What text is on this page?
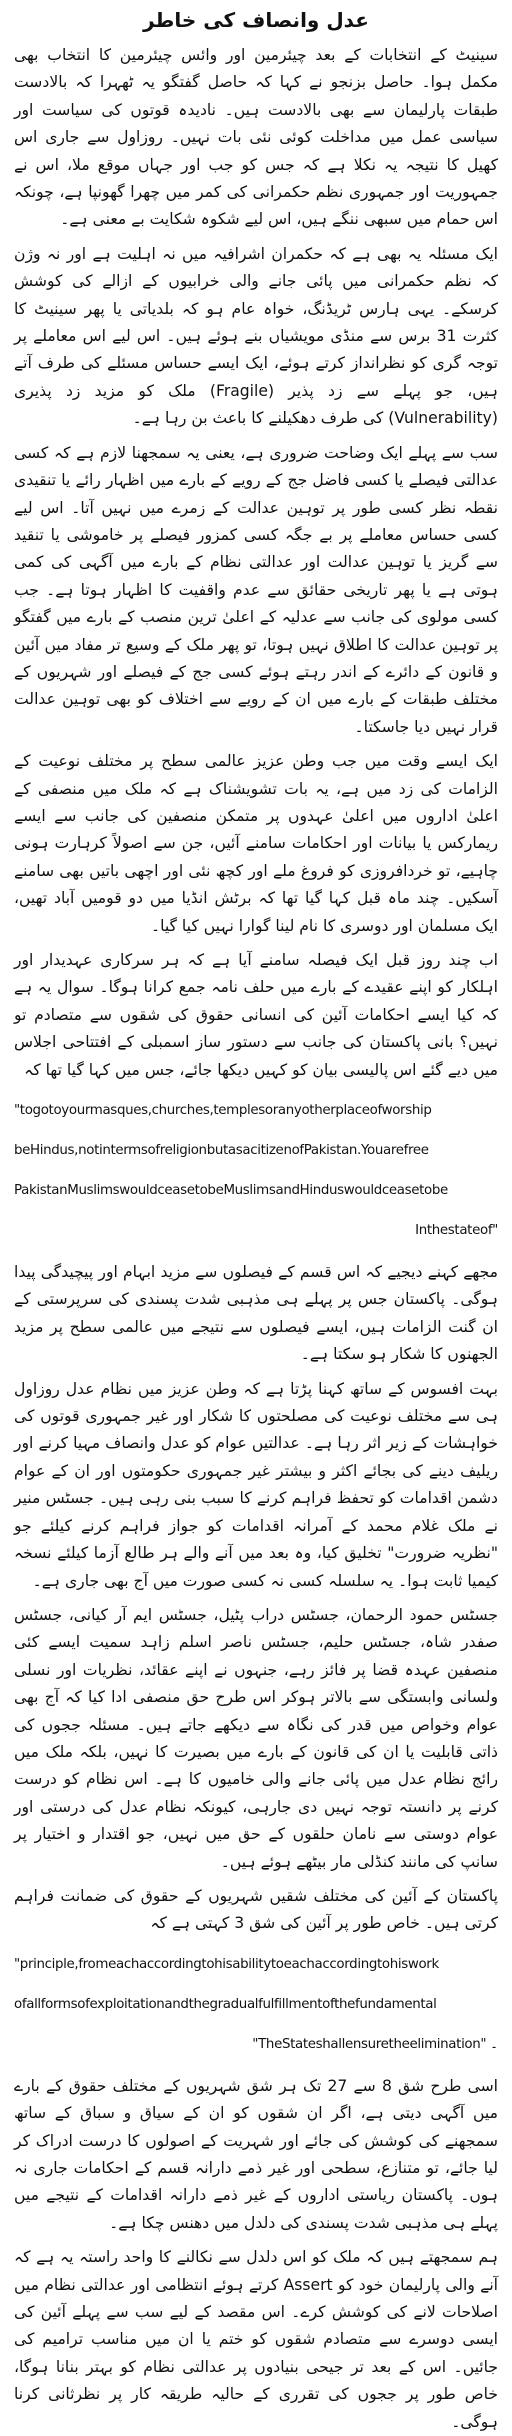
عدل وانصاف کی خاطر

سینیٹ کے انتخابات کے بعد چیئرمین اور وائس چیئرمین کا انتخاب بھی مکمل ہوا۔ حاصل بزنجو نے کہا کہ حاصل گفتگو یہ ٹھہرا کہ بالادست طبقات پارلیمان سے بھی بالادست ہیں۔ نادیدہ قوتوں کی سیاست اور سیاسی عمل میں مداخلت کوئی نئی بات نہیں۔ روزاول سے جاری اس کھیل کا نتیجہ یہ نکلا ہے کہ جس کو جب اور جہاں موقع ملا، اس نے جمہوریت اور جمہوری نظم حکمرانی کی کمر میں چھرا گھونپا ہے، چونکہ اس حمام میں سبھی ننگے ہیں، اس لیے شکوہ شکایت بے معنی ہے۔

ایک مسئلہ یہ بھی ہے کہ حکمران اشرافیہ میں نہ اہلیت ہے اور نہ وژن کہ نظم حکمرانی میں پائی جانے والی خرابیوں کے ازالے کی کوشش کرسکے۔ یہی ہارس ٹریڈنگ، خواہ عام ہو کہ بلدیاتی یا پھر سینیٹ کا کثرت 31 برس سے منڈی مویشیاں بنے ہوئے ہیں۔ اس لیے اس معاملے پر توجہ گری کو نظرانداز کرتے ہوئے، ایک ایسے حساس مسئلے کی طرف آتے ہیں، جو پہلے سے زد پذیر (Fragile) ملک کو مزید زد پذیری (Vulnerability) کی طرف دھکیلنے کا باعث بن رہا ہے۔

سب سے پہلے ایک وضاحت ضروری ہے، یعنی یہ سمجھنا لازم ہے کہ کسی عدالتی فیصلے یا کسی فاضل جج کے رویے کے بارے میں اظہار رائے یا تنقیدی نقطہ نظر کسی طور پر توہین عدالت کے زمرے میں نہیں آتا۔ اس لیے کسی حساس معاملے پر بے جگہ کسی کمزور فیصلے پر خاموشی یا تنقید سے گریز یا توہین عدالت اور عدالتی نظام کے بارے میں آگہی کی کمی ہوتی ہے یا پھر تاریخی حقائق سے عدم واقفیت کا اظہار ہوتا ہے۔ جب کسی مولوی کی جانب سے عدلیہ کے اعلیٰ ترین منصب کے بارے میں گفتگو پر توہین عدالت کا اطلاق نہیں ہوتا، تو پھر ملک کے وسیع تر مفاد میں آئین و قانون کے دائرے کے اندر رہتے ہوئے کسی جج کے فیصلے اور شہریوں کے مختلف طبقات کے بارے میں ان کے رویے سے اختلاف کو بھی توہین عدالت قرار نہیں دیا جاسکتا۔

ایک ایسے وقت میں جب وطن عزیز عالمی سطح پر مختلف نوعیت کے الزامات کی زد میں ہے، یہ بات تشویشناک ہے کہ ملک میں منصفی کے اعلیٰ اداروں میں اعلیٰ عہدوں پر متمکن منصفین کی جانب سے ایسے ریمارکس یا بیانات اور احکامات سامنے آئیں، جن سے اصولاً کرہارت ہونی چاہیے، تو خردافروزی کو فروغ ملے اور کچھ نئی اور اچھی باتیں بھی سامنے آسکیں۔ چند ماہ قبل کہا گیا تھا کہ برٹش انڈیا میں دو قومیں آباد تھیں، ایک مسلمان اور دوسری کا نام لینا گوارا نہیں کیا گیا۔

اب چند روز قبل ایک فیصلہ سامنے آیا ہے کہ ہر سرکاری عہدیدار اور اہلکار کو اپنے عقیدے کے بارے میں حلف نامہ جمع کرانا ہوگا۔ سوال یہ ہے کہ کیا ایسے احکامات آئین کی انسانی حقوق کی شقوں سے متصادم تو نہیں؟ بانی پاکستان کی جانب سے دستور ساز اسمبلی کے افتتاحی اجلاس میں دیے گئے اس پالیسی بیان کو کہیں دیکھا جائے، جس میں کہا گیا تھا کہ

"togotoyourmasques,churches,templesoranyotherplaceofworship
beHindus,notintermsofreligionbutasacitizenofPakistan.Youarefree
PakistanMuslimswouldceasetobeMuslimsandHinduswouldceasetobe
Inthestateof"

مجھے کہنے دیجیے کہ اس قسم کے فیصلوں سے مزید ابہام اور پیچیدگی پیدا ہوگی۔ پاکستان جس پر پہلے ہی مذہبی شدت پسندی کی سرپرستی کے ان گنت الزامات ہیں، ایسے فیصلوں سے نتیجے میں عالمی سطح پر مزید الجھنوں کا شکار ہو سکتا ہے۔

بہت افسوس کے ساتھ کہنا پڑتا ہے کہ وطن عزیز میں نظام عدل روزاول ہی سے مختلف نوعیت کی مصلحتوں کا شکار اور غیر جمہوری قوتوں کی خواہشات کے زیر اثر رہا ہے۔ عدالتیں عوام کو عدل وانصاف مہیا کرنے اور ریلیف دینے کی بجائے اکثر و بیشتر غیر جمہوری حکومتوں اور ان کے عوام دشمن اقدامات کو تحفظ فراہم کرنے کا سبب بنی رہی ہیں۔ جسٹس منیر نے ملک غلام محمد کے آمرانہ اقدامات کو جواز فراہم کرنے کیلئے جو "نظریہ ضرورت" تخلیق کیا، وہ بعد میں آنے والے ہر طالع آزما کیلئے نسخہ کیمیا ثابت ہوا۔ یہ سلسلہ کسی نہ کسی صورت میں آج بھی جاری ہے۔

جسٹس حمود الرحمان، جسٹس دراب پٹیل، جسٹس ایم آر کیانی، جسٹس صفدر شاہ، جسٹس حلیم، جسٹس ناصر اسلم زاہد سمیت ایسے کئی منصفین عہدہ قضا پر فائز رہے، جنہوں نے اپنے عقائد، نظریات اور نسلی ولسانی وابستگی سے بالاتر ہوکر اس طرح حق منصفی ادا کیا کہ آج بھی عوام وخواص میں قدر کی نگاہ سے دیکھے جاتے ہیں۔ مسئلہ ججوں کی ذاتی قابلیت یا ان کی قانون کے بارے میں بصیرت کا نہیں، بلکہ ملک میں رائج نظام عدل میں پائی جانے والی خامیوں کا ہے۔ اس نظام کو درست کرنے پر دانستہ توجہ نہیں دی جارہی، کیونکہ نظام عدل کی درستی اور عوام دوستی سے نامان حلقوں کے حق میں نہیں، جو اقتدار و اختیار پر سانپ کی مانند کنڈلی مار بیٹھے ہوئے ہیں۔

پاکستان کے آئین کی مختلف شقیں شہریوں کے حقوق کی ضمانت فراہم کرتی ہیں۔ خاص طور پر آئین کی شق 3 کہتی ہے کہ

"principle,fromeachaccordingtohisabilitytoeachaccordingtohiswork
ofallformsofexploitationandthegradualfulfillmentofthefundamental
"TheStateshallensuretheelimination" ۔

اسی طرح شق 8 سے 27 تک ہر شق شہریوں کے مختلف حقوق کے بارے میں آگہی دیتی ہے، اگر ان شقوں کو ان کے سیاق و سباق کے ساتھ سمجھنے کی کوشش کی جائے اور شہریت کے اصولوں کا درست ادراک کر لیا جائے، تو متنازع، سطحی اور غیر ذمے دارانہ قسم کے احکامات جاری نہ ہوں۔ پاکستان ریاستی اداروں کے غیر ذمے دارانہ اقدامات کے نتیجے میں پہلے ہی مذہبی شدت پسندی کی دلدل میں دھنس چکا ہے۔

ہم سمجھتے ہیں کہ ملک کو اس دلدل سے نکالنے کا واحد راستہ یہ ہے کہ آنے والی پارلیمان خود کو Assert کرتے ہوئے انتظامی اور عدالتی نظام میں اصلاحات لانے کی کوشش کرے۔ اس مقصد کے لیے سب سے پہلے آئین کی ایسی دوسرے سے متصادم شقوں کو ختم یا ان میں مناسب ترامیم کی جائیں۔ اس کے بعد تر جیحی بنیادوں پر عدالتی نظام کو بہتر بنانا ہوگا، خاص طور پر ججوں کی تقرری کے حالیہ طریقہ کار پر نظرثانی کرنا ہوگی۔
